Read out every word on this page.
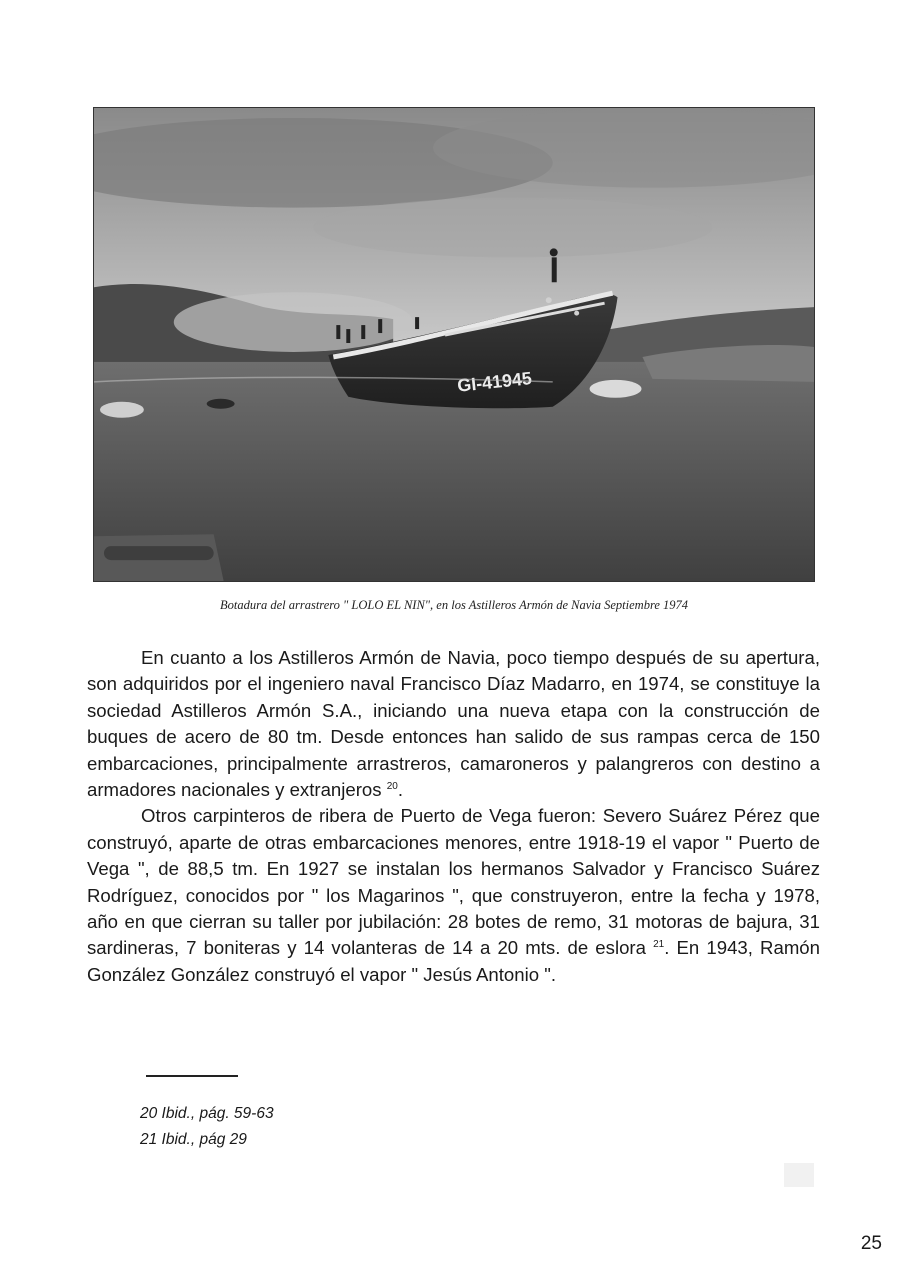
GI-41945
Botadura del arrastrero " LOLO EL NIN", en los Astilleros Armón de Navia Septiembre 1974

En cuanto a los Astilleros Armón de Navia, poco tiempo después de su apertura, son adquiridos por el ingeniero naval Francisco Díaz Madarro, en 1974, se constituye la sociedad Astilleros Armón S.A., iniciando una nueva etapa con la construcción de buques de acero de 80 tm. Desde entonces han salido de sus rampas cerca de 150 embarcaciones, principalmente arrastreros, camaroneros y palangreros con destino a armadores nacionales y extranjeros $^{20}$.

Otros carpinteros de ribera de Puerto de Vega fueron: Severo Suárez Pérez que construyó, aparte de otras embarcaciones menores, entre 1918-19 el vapor " Puerto de Vega ", de 88,5 tm. En 1927 se instalan los hermanos Salvador y Francisco Suárez Rodríguez, conocidos por " los Magarinos ", que construyeron, entre la fecha y 1978, año en que cierran su taller por jubilación: 28 botes de remo, 31 motoras de bajura, 31 sardineras, 7 boniteras y 14 volanteras de 14 a 20 mts. de eslora $^{21}$. En 1943, Ramón González González construyó el vapor " Jesús Antonio ".

20 Ibid., pág. 59-63
21 Ibid., pág 29
25
